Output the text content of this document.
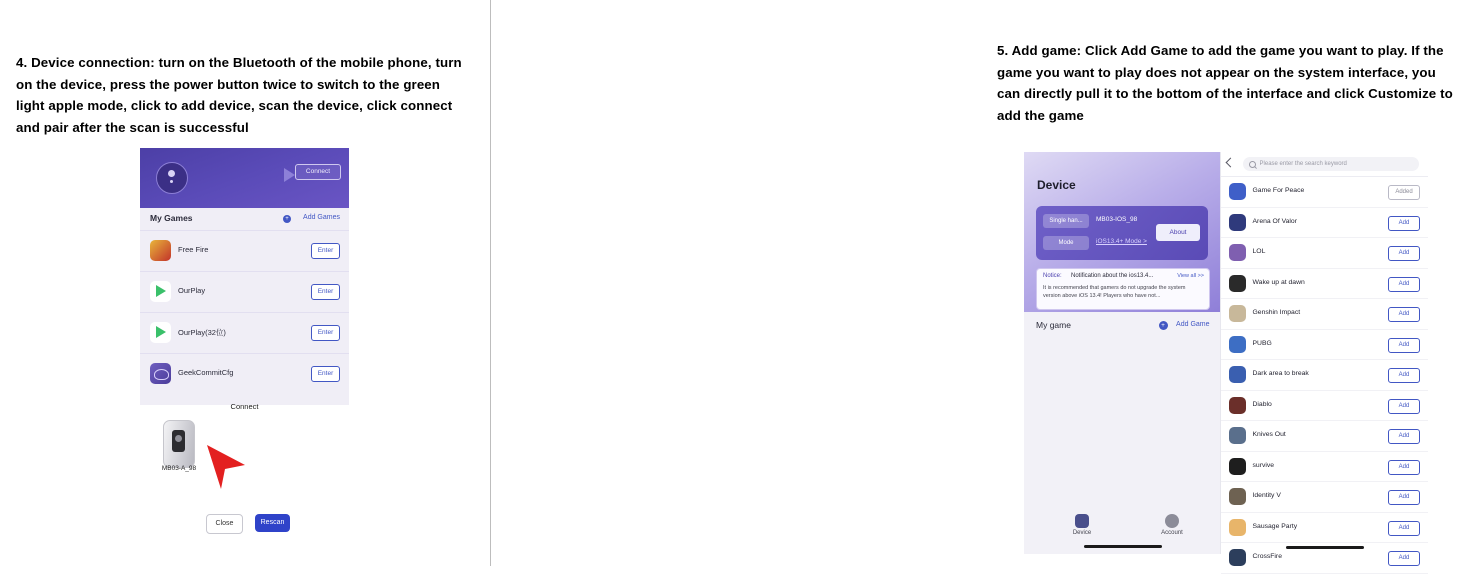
4. Device connection: turn on the Bluetooth of the mobile phone, turn on the device, press the power button twice to switch to the green light apple mode, click to add device, scan the device, click connect and pair after the scan is successful
Connect
My Games	+	Add Games
Free Fire	Enter
OurPlay	Enter
OurPlay(32位)	Enter
GeekCommitCfg	Enter
Connect
MB03-A_98
Close	Rescan
5. Add game: Click Add Game to add the game you want to play. If the game you want to play does not appear on the system interface, you can directly pull it to the bottom of the interface and click Customize to add the game
Device
Single han...	MB03-IOS_98
Mode	iOS13.4+ Mode >
About
Notice: Notification about the ios13.4...	View all >>
It is recommended that gamers do not upgrade the system version above iOS 13.4! Players who have not...
My game	+	Add Game
Device	Account
Please enter the search keyword
Game For Peace	Added
Arena Of Valor	Add
LOL	Add
Wake up at dawn	Add
Genshin Impact	Add
PUBG	Add
Dark area to break	Add
Diablo	Add
Knives Out	Add
survive	Add
Identity V	Add
Sausage Party	Add
CrossFire	Add
